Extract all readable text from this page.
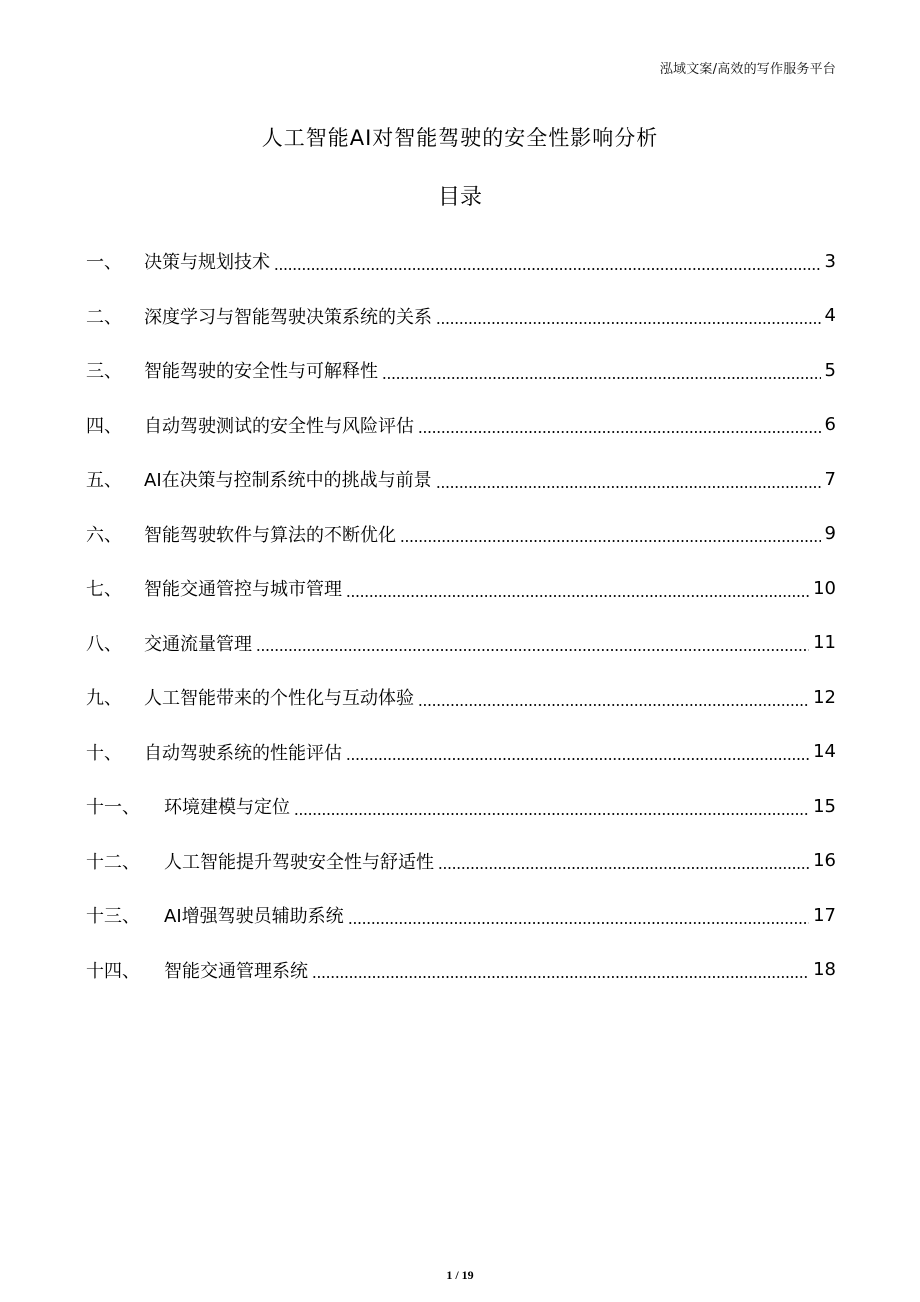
泓域文案/高效的写作服务平台
人工智能AI对智能驾驶的安全性影响分析
目录
一、	决策与规划技术	3
二、	深度学习与智能驾驶决策系统的关系	4
三、	智能驾驶的安全性与可解释性	5
四、	自动驾驶测试的安全性与风险评估	6
五、	AI在决策与控制系统中的挑战与前景	7
六、	智能驾驶软件与算法的不断优化	9
七、	智能交通管控与城市管理	10
八、	交通流量管理	11
九、	人工智能带来的个性化与互动体验	12
十、	自动驾驶系统的性能评估	14
十一、	环境建模与定位	15
十二、	人工智能提升驾驶安全性与舒适性	16
十三、	AI增强驾驶员辅助系统	17
十四、	智能交通管理系统	18
1 / 19
